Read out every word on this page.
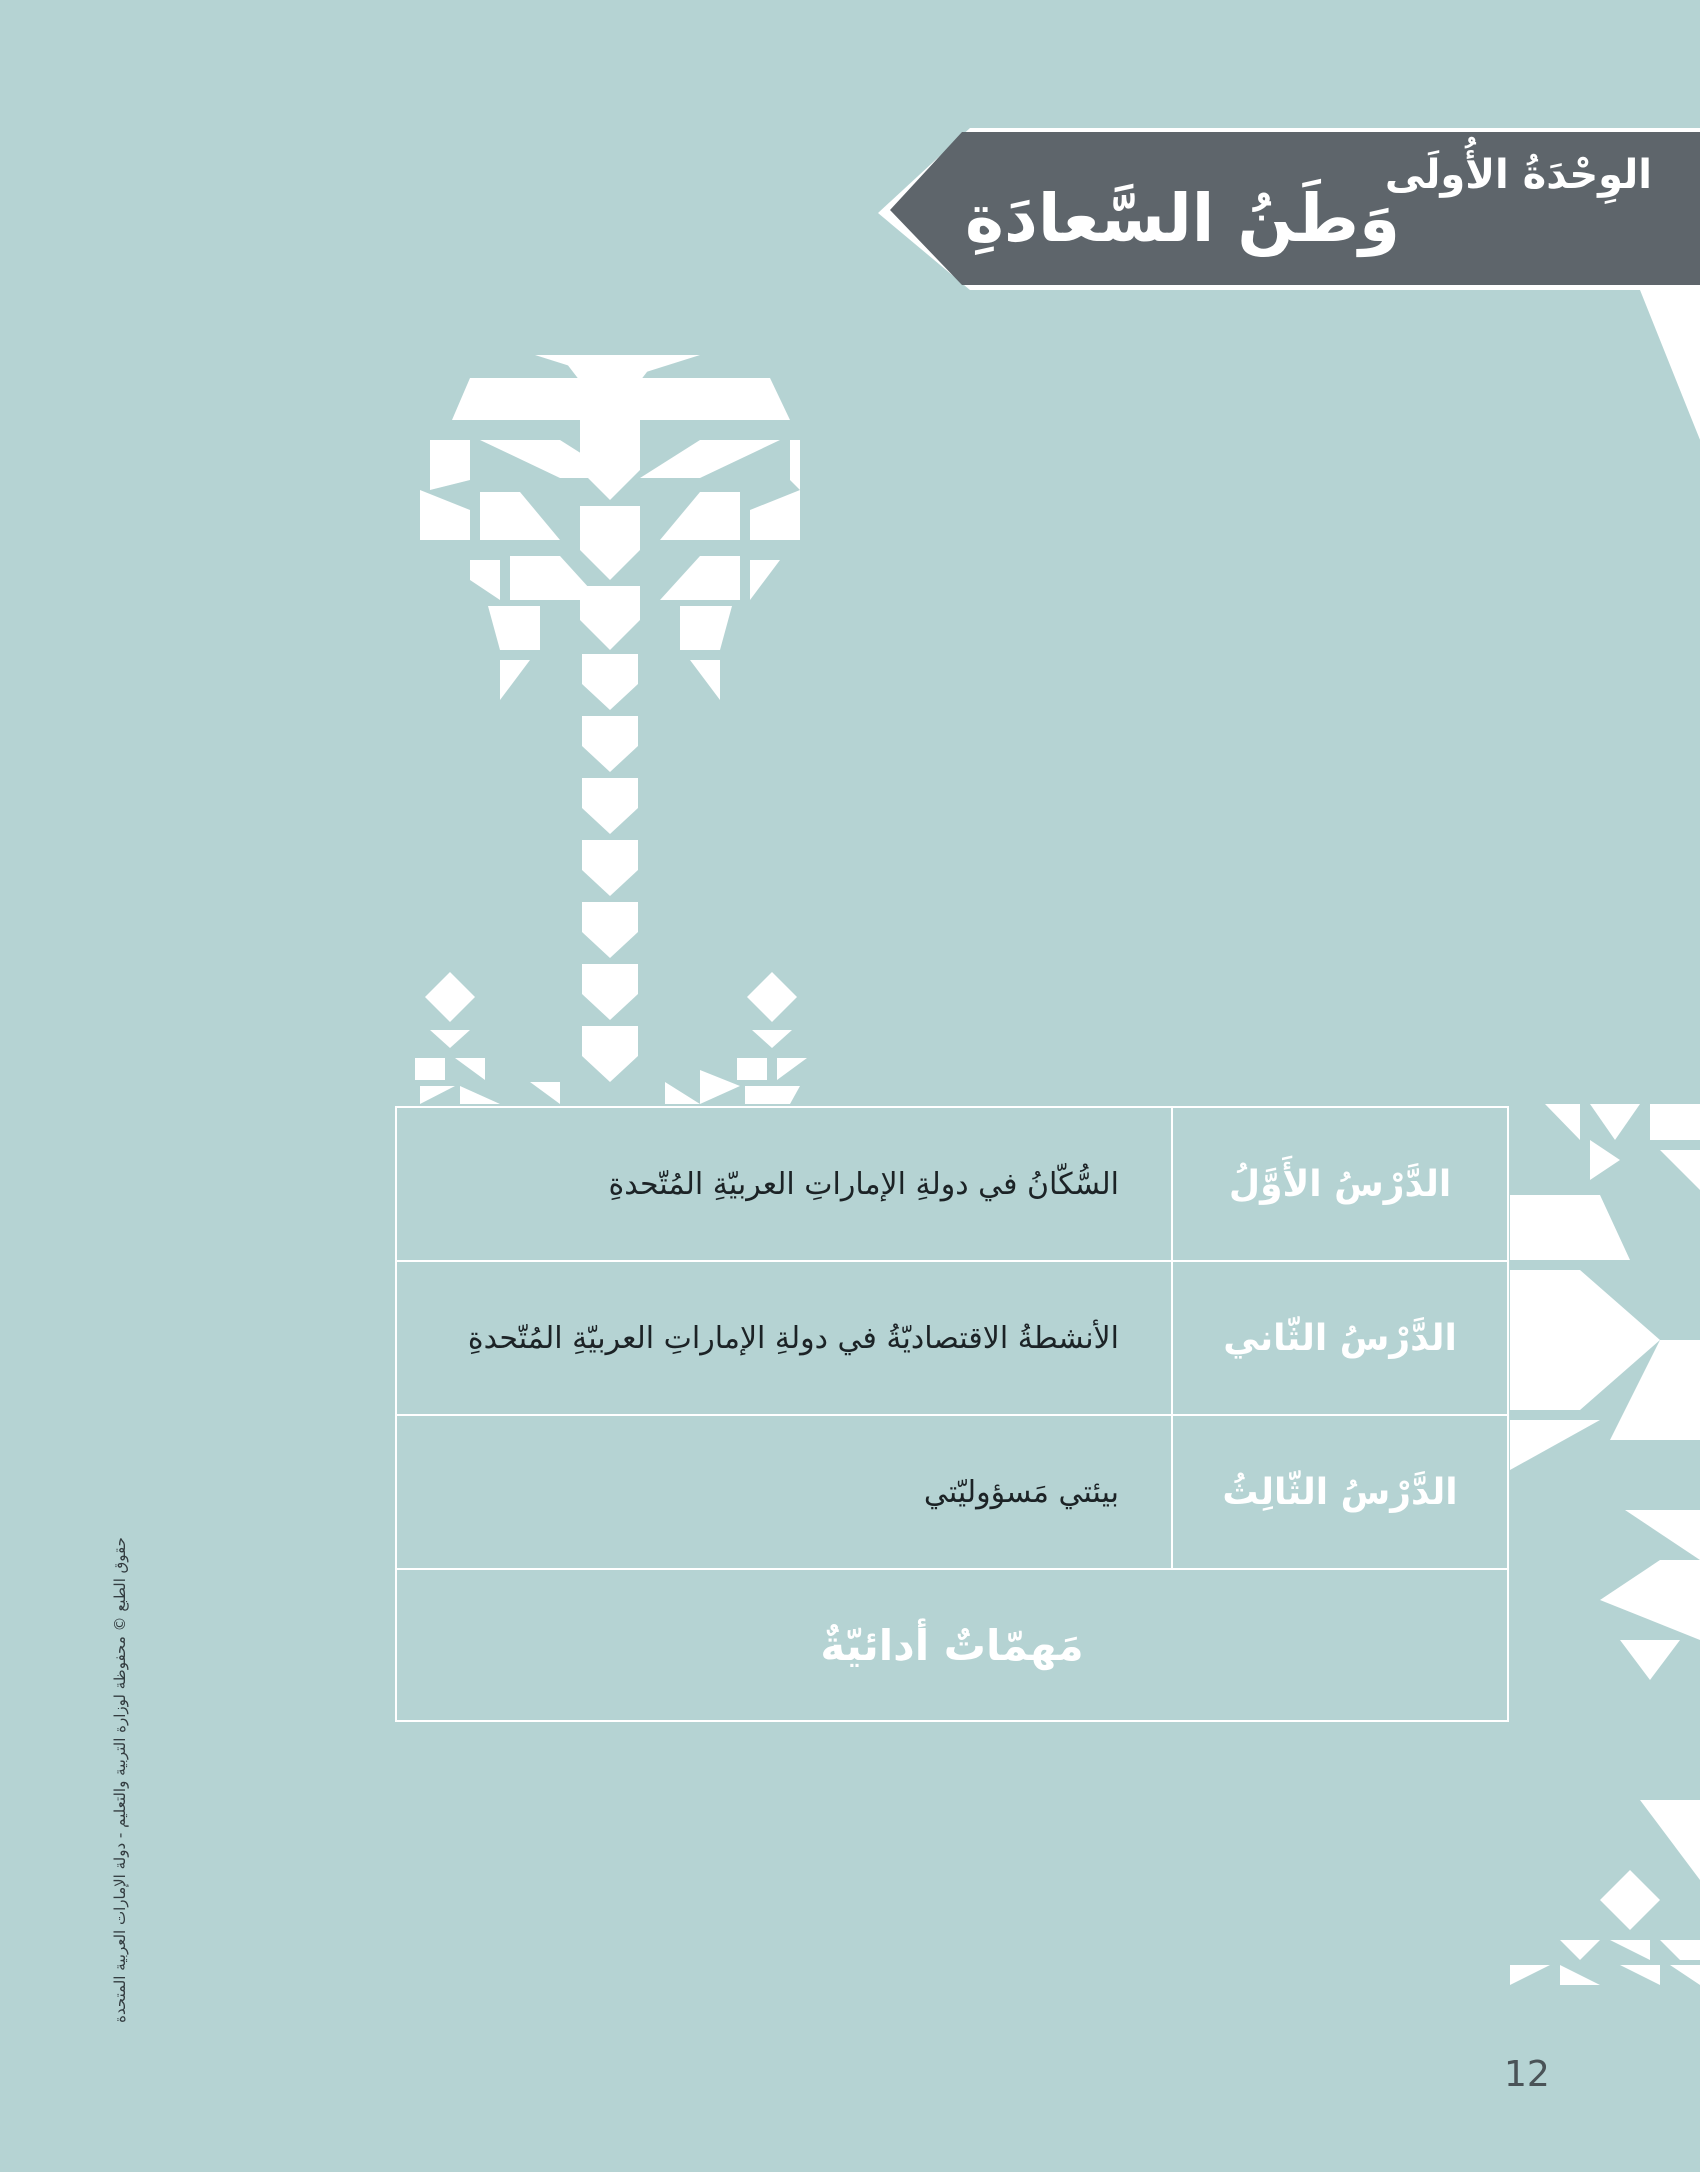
الوِحْدَةُ الأُولَى
وَطَنُ السَّعادَةِ
الدَّرْسُ الأَوَّلُ
السُّكّانُ في دولةِ الإماراتِ العربيّةِ المُتّحدةِ
الدَّرْسُ الثّاني
الأنشطةُ الاقتصاديّةُ في دولةِ الإماراتِ العربيّةِ المُتّحدةِ
الدَّرْسُ الثّالِثُ
بيئتي مَسؤوليّتي
مَهمّاتٌ أدائيّةٌ
حقوق الطبع © محفوظة لوزارة التربية والتعليم - دولة الإمارات العربية المتحدة
12
